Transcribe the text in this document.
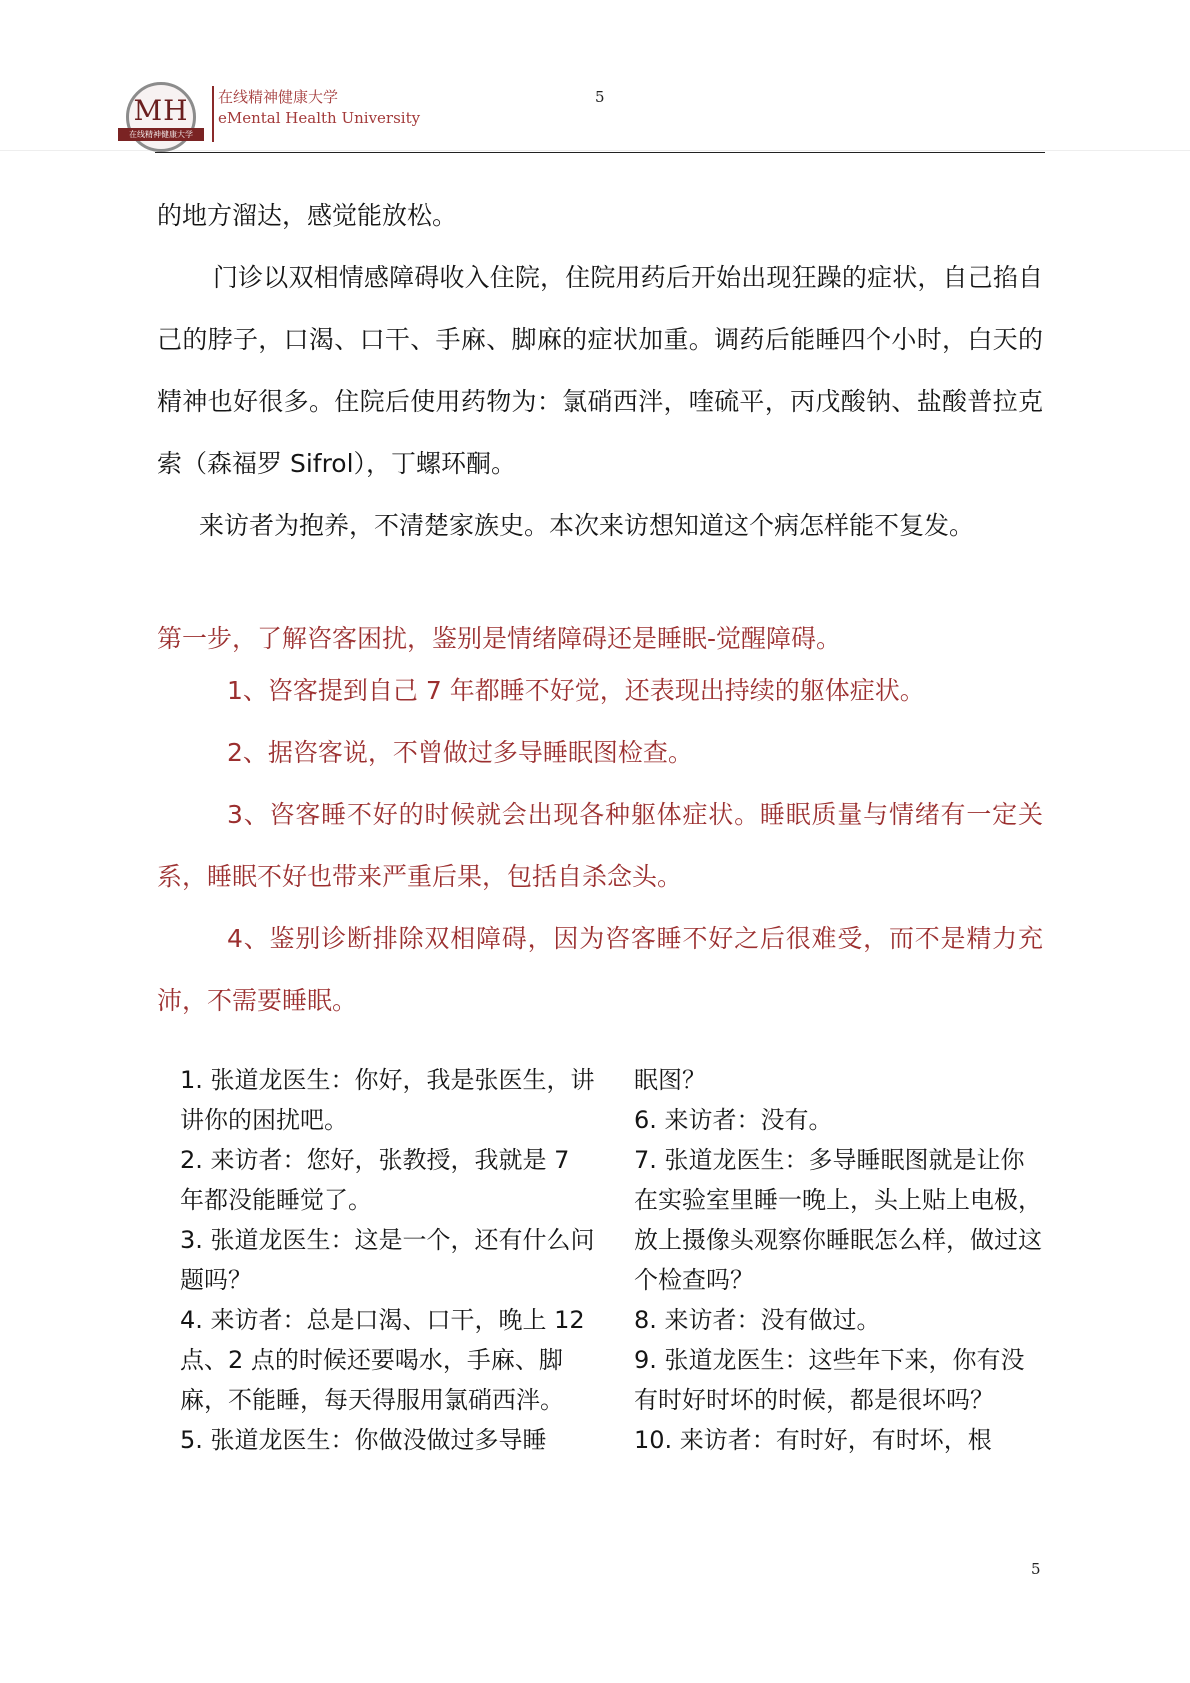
MH
在线精神健康大学
在线精神健康大学
eMental Health University
5
的地方溜达，感觉能放松。
门诊以双相情感障碍收入住院，住院用药后开始出现狂躁的症状，自己掐自己的脖子，口渴、口干、手麻、脚麻的症状加重。调药后能睡四个小时，白天的精神也好很多。住院后使用药物为：氯硝西泮，喹硫平，丙戊酸钠、盐酸普拉克索（森福罗 Sifrol），丁螺环酮。
来访者为抱养，不清楚家族史。本次来访想知道这个病怎样能不复发。
第一步，了解咨客困扰，鉴别是情绪障碍还是睡眠-觉醒障碍。

1、咨客提到自己 7 年都睡不好觉，还表现出持续的躯体症状。

2、据咨客说，不曾做过多导睡眠图检查。

3、咨客睡不好的时候就会出现各种躯体症状。睡眠质量与情绪有一定关系，睡眠不好也带来严重后果，包括自杀念头。

4、鉴别诊断排除双相障碍，因为咨客睡不好之后很难受，而不是精力充沛，不需要睡眠。

1. 张道龙医生：你好，我是张医生，讲讲你的困扰吧。

2. 来访者：您好，张教授，我就是 7 年都没能睡觉了。

3. 张道龙医生：这是一个，还有什么问题吗？

4. 来访者：总是口渴、口干，晚上 12 点、2 点的时候还要喝水，手麻、脚麻，不能睡，每天得服用氯硝西泮。

5. 张道龙医生：你做没做过多导睡

眠图？

6. 来访者：没有。

7. 张道龙医生：多导睡眠图就是让你在实验室里睡一晚上，头上贴上电极，放上摄像头观察你睡眠怎么样，做过这个检查吗？

8. 来访者：没有做过。

9. 张道龙医生：这些年下来，你有没有时好时坏的时候，都是很坏吗？

10. 来访者：有时好，有时坏，根

5
